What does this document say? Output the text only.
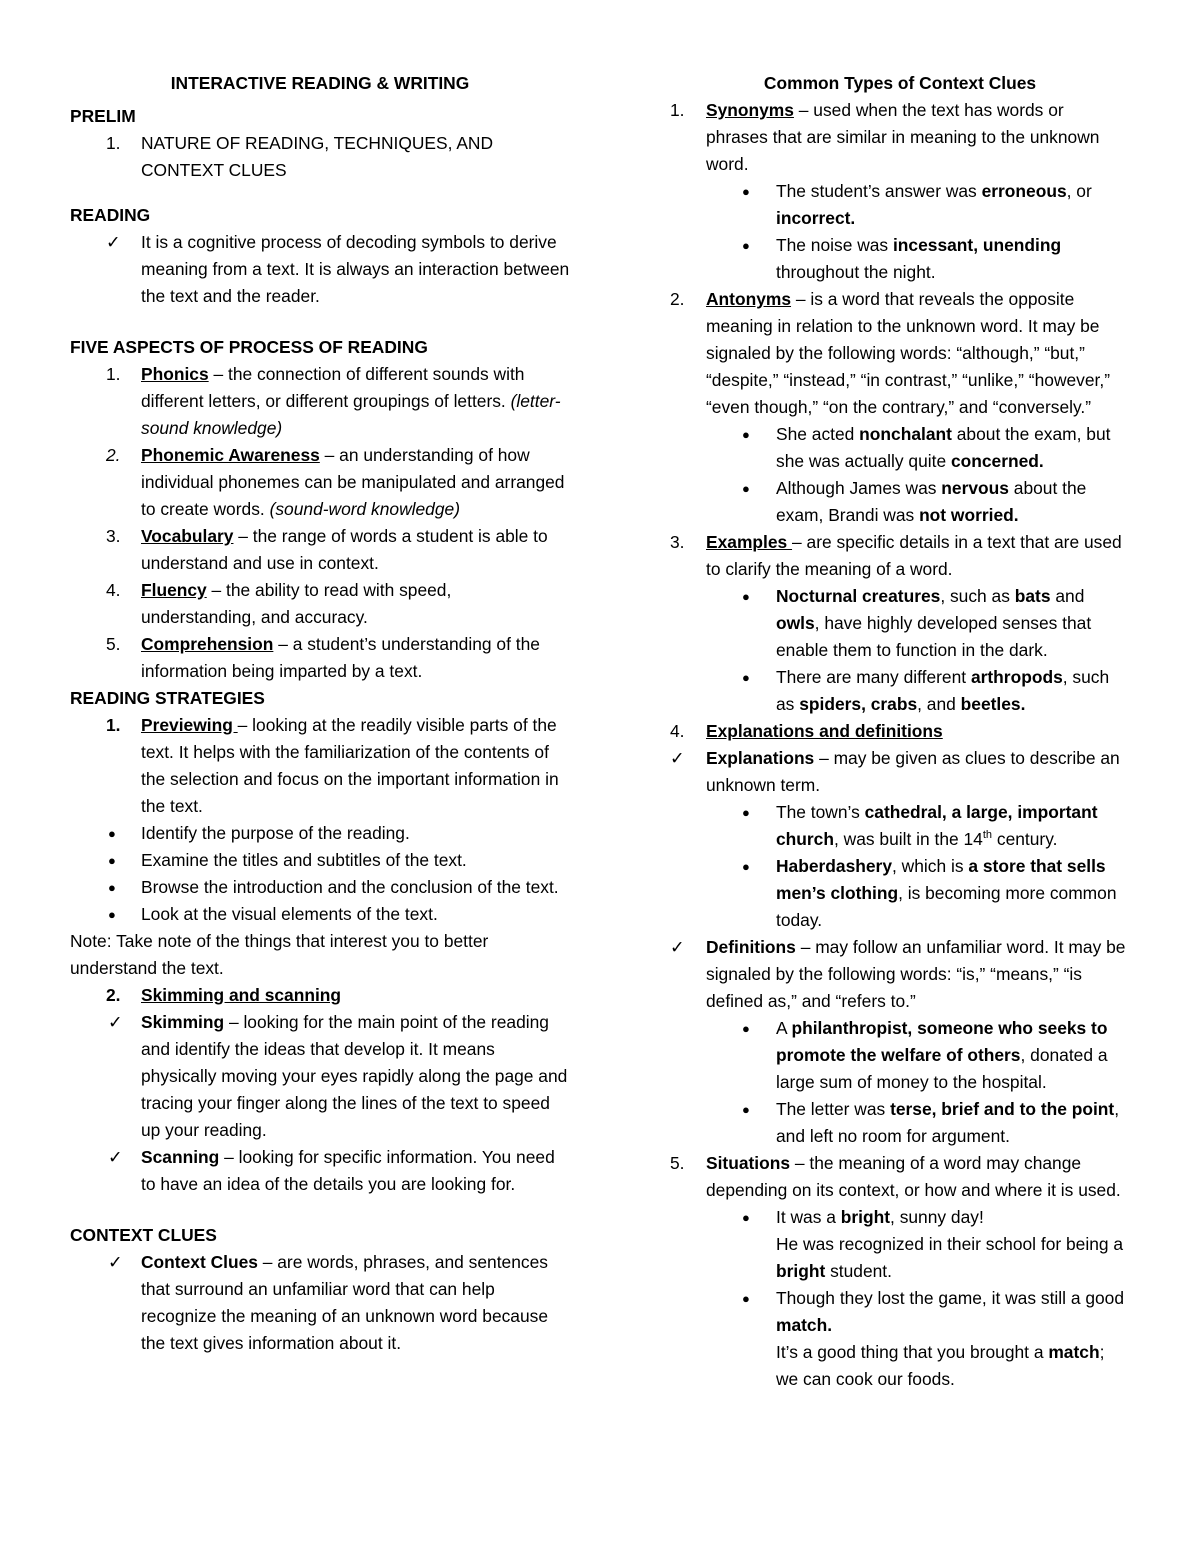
INTERACTIVE READING & WRITING

PRELIM

1. NATURE OF READING, TECHNIQUES, AND CONTEXT CLUES

READING

✓ It is a cognitive process of decoding symbols to derive meaning from a text. It is always an interaction between the text and the reader.

FIVE ASPECTS OF PROCESS OF READING

1. Phonics – the connection of different sounds with different letters, or different groupings of letters. (letter-sound knowledge)
2. Phonemic Awareness – an understanding of how individual phonemes can be manipulated and arranged to create words. (sound-word knowledge)
3. Vocabulary – the range of words a student is able to understand and use in context.
4. Fluency – the ability to read with speed, understanding, and accuracy.
5. Comprehension – a student’s understanding of the information being imparted by a text.

READING STRATEGIES

1. Previewing – looking at the readily visible parts of the text. It helps with the familiarization of the contents of the selection and focus on the important information in the text.
● Identify the purpose of the reading.
● Examine the titles and subtitles of the text.
● Browse the introduction and the conclusion of the text.
● Look at the visual elements of the text.

Note: Take note of the things that interest you to better understand the text.

2. Skimming and scanning
✓ Skimming – looking for the main point of the reading and identify the ideas that develop it. It means physically moving your eyes rapidly along the page and tracing your finger along the lines of the text to speed up your reading.
✓ Scanning – looking for specific information. You need to have an idea of the details you are looking for.

CONTEXT CLUES

✓ Context Clues – are words, phrases, and sentences that surround an unfamiliar word that can help recognize the meaning of an unknown word because the text gives information about it.

Common Types of Context Clues

1. Synonyms – used when the text has words or phrases that are similar in meaning to the unknown word.
● The student’s answer was erroneous, or incorrect.
● The noise was incessant, unending throughout the night.
2. Antonyms – is a word that reveals the opposite meaning in relation to the unknown word. It may be signaled by the following words: “although,” “but,” “despite,” “instead,” “in contrast,” “unlike,” “however,” “even though,” “on the contrary,” and “conversely.”
● She acted nonchalant about the exam, but she was actually quite concerned.
● Although James was nervous about the exam, Brandi was not worried.
3. Examples – are specific details in a text that are used to clarify the meaning of a word.
● Nocturnal creatures, such as bats and owls, have highly developed senses that enable them to function in the dark.
● There are many different arthropods, such as spiders, crabs, and beetles.
4. Explanations and definitions
✓ Explanations – may be given as clues to describe an unknown term.
● The town’s cathedral, a large, important church, was built in the 14th century.
● Haberdashery, which is a store that sells men’s clothing, is becoming more common today.
✓ Definitions – may follow an unfamiliar word. It may be signaled by the following words: “is,” “means,” “is defined as,” and “refers to.”
● A philanthropist, someone who seeks to promote the welfare of others, donated a large sum of money to the hospital.
● The letter was terse, brief and to the point, and left no room for argument.
5. Situations – the meaning of a word may change depending on its context, or how and where it is used.
● It was a bright, sunny day!
He was recognized in their school for being a bright student.
● Though they lost the game, it was still a good match.
It’s a good thing that you brought a match; we can cook our foods.
